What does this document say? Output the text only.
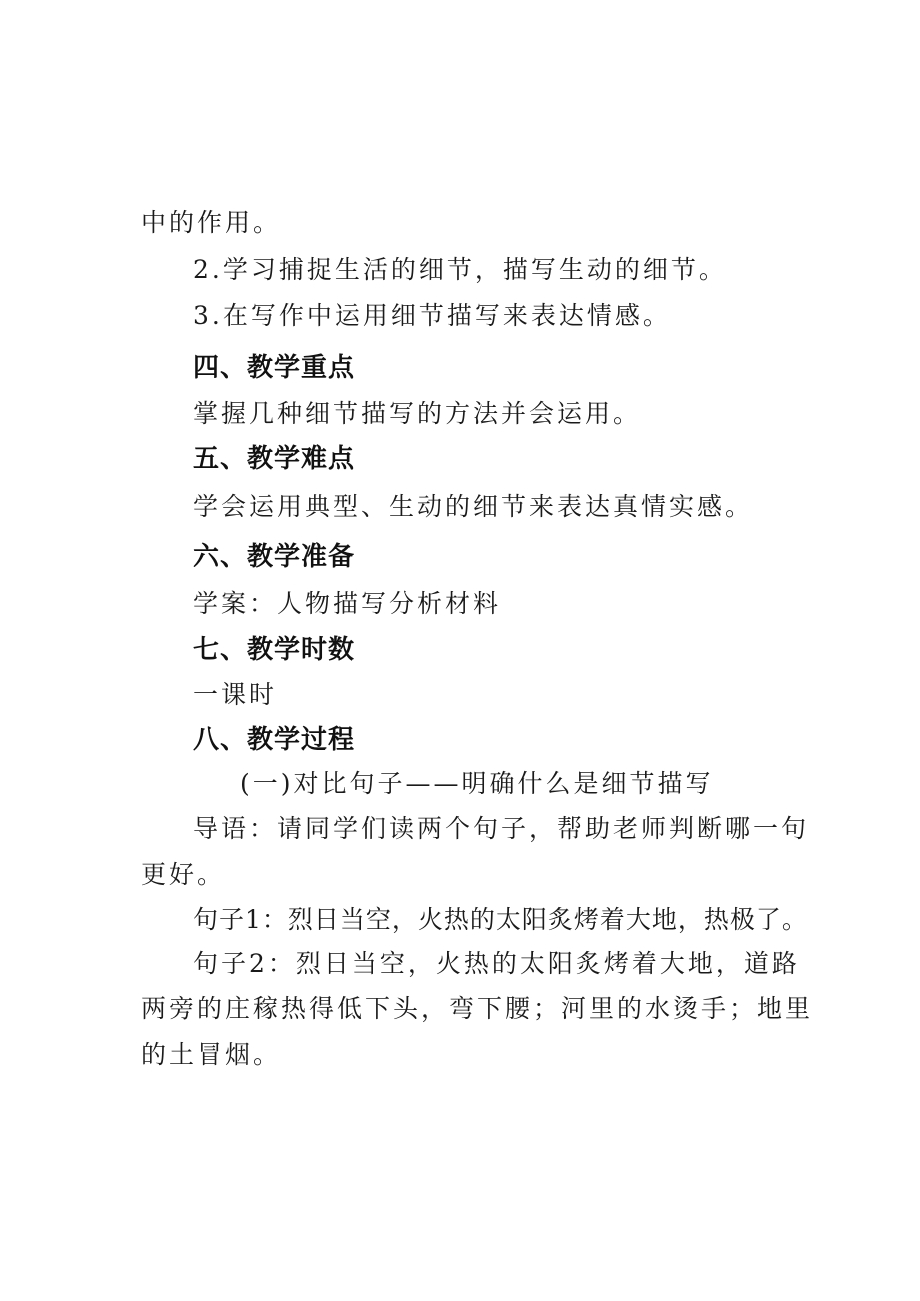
中的作用。
2.学习捕捉生活的细节，描写生动的细节。
3.在写作中运用细节描写来表达情感。
四、教学重点
掌握几种细节描写的方法并会运用。
五、教学难点
学会运用典型、生动的细节来表达真情实感。
六、教学准备
学案：人物描写分析材料
七、教学时数
一课时
八、教学过程
(一)对比句子——明确什么是细节描写
导语：请同学们读两个句子，帮助老师判断哪一句
更好。
句子1：烈日当空，火热的太阳炙烤着大地，热极了。
句子2：烈日当空，火热的太阳炙烤着大地，道路
两旁的庄稼热得低下头，弯下腰；河里的水烫手；地里
的土冒烟。
